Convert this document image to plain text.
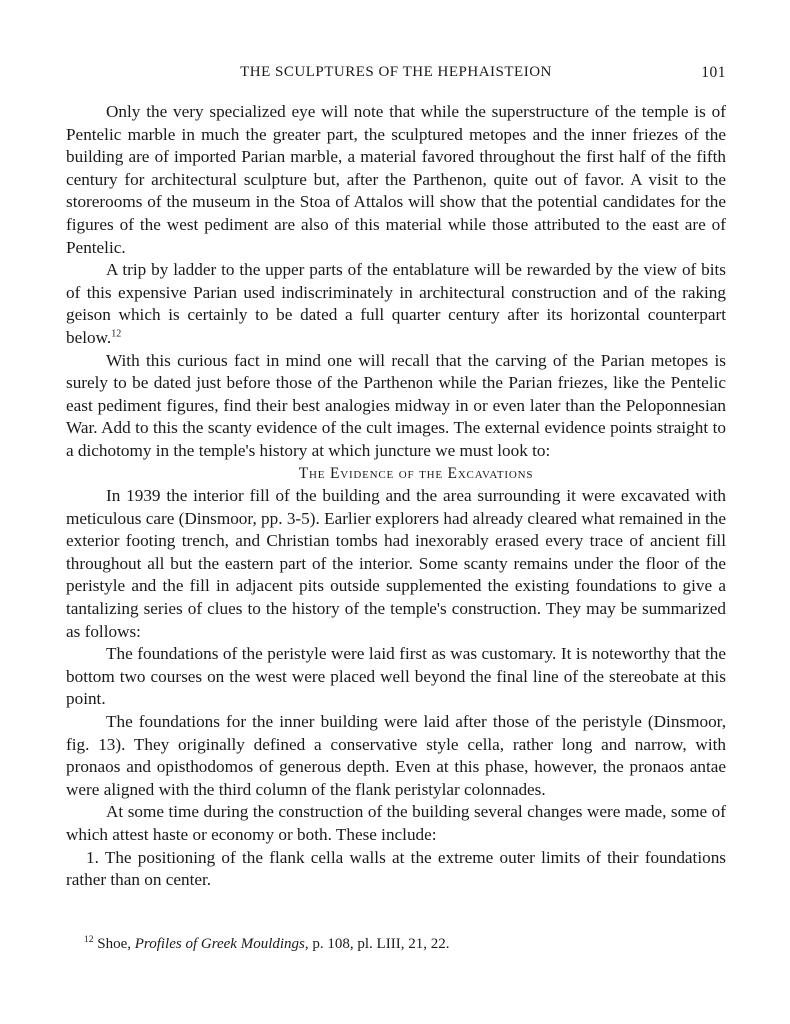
THE SCULPTURES OF THE HEPHAISTEION	101

Only the very specialized eye will note that while the superstructure of the temple is of Pentelic marble in much the greater part, the sculptured metopes and the inner friezes of the building are of imported Parian marble, a material favored throughout the first half of the fifth century for architectural sculpture but, after the Parthenon, quite out of favor. A visit to the storerooms of the museum in the Stoa of Attalos will show that the potential candidates for the figures of the west pediment are also of this material while those attributed to the east are of Pentelic.

A trip by ladder to the upper parts of the entablature will be rewarded by the view of bits of this expensive Parian used indiscriminately in architectural construction and of the raking geison which is certainly to be dated a full quarter century after its horizontal counterpart below.$^{12}$

With this curious fact in mind one will recall that the carving of the Parian metopes is surely to be dated just before those of the Parthenon while the Parian friezes, like the Pentelic east pediment figures, find their best analogies midway in or even later than the Peloponnesian War. Add to this the scanty evidence of the cult images. The external evidence points straight to a dichotomy in the temple's history at which juncture we must look to:

The Evidence of the Excavations

In 1939 the interior fill of the building and the area surrounding it were excavated with meticulous care (Dinsmoor, pp. 3-5). Earlier explorers had already cleared what remained in the exterior footing trench, and Christian tombs had inexorably erased every trace of ancient fill throughout all but the eastern part of the interior. Some scanty remains under the floor of the peristyle and the fill in adjacent pits outside supplemented the existing foundations to give a tantalizing series of clues to the history of the temple's construction. They may be summarized as follows:

The foundations of the peristyle were laid first as was customary. It is noteworthy that the bottom two courses on the west were placed well beyond the final line of the stereobate at this point.

The foundations for the inner building were laid after those of the peristyle (Dinsmoor, fig. 13). They originally defined a conservative style cella, rather long and narrow, with pronaos and opisthodomos of generous depth. Even at this phase, however, the pronaos antae were aligned with the third column of the flank peristylar colonnades.

At some time during the construction of the building several changes were made, some of which attest haste or economy or both. These include:

1. The positioning of the flank cella walls at the extreme outer limits of their foundations rather than on center.

$^{12}$ Shoe, Profiles of Greek Mouldings, p. 108, pl. LIII, 21, 22.
